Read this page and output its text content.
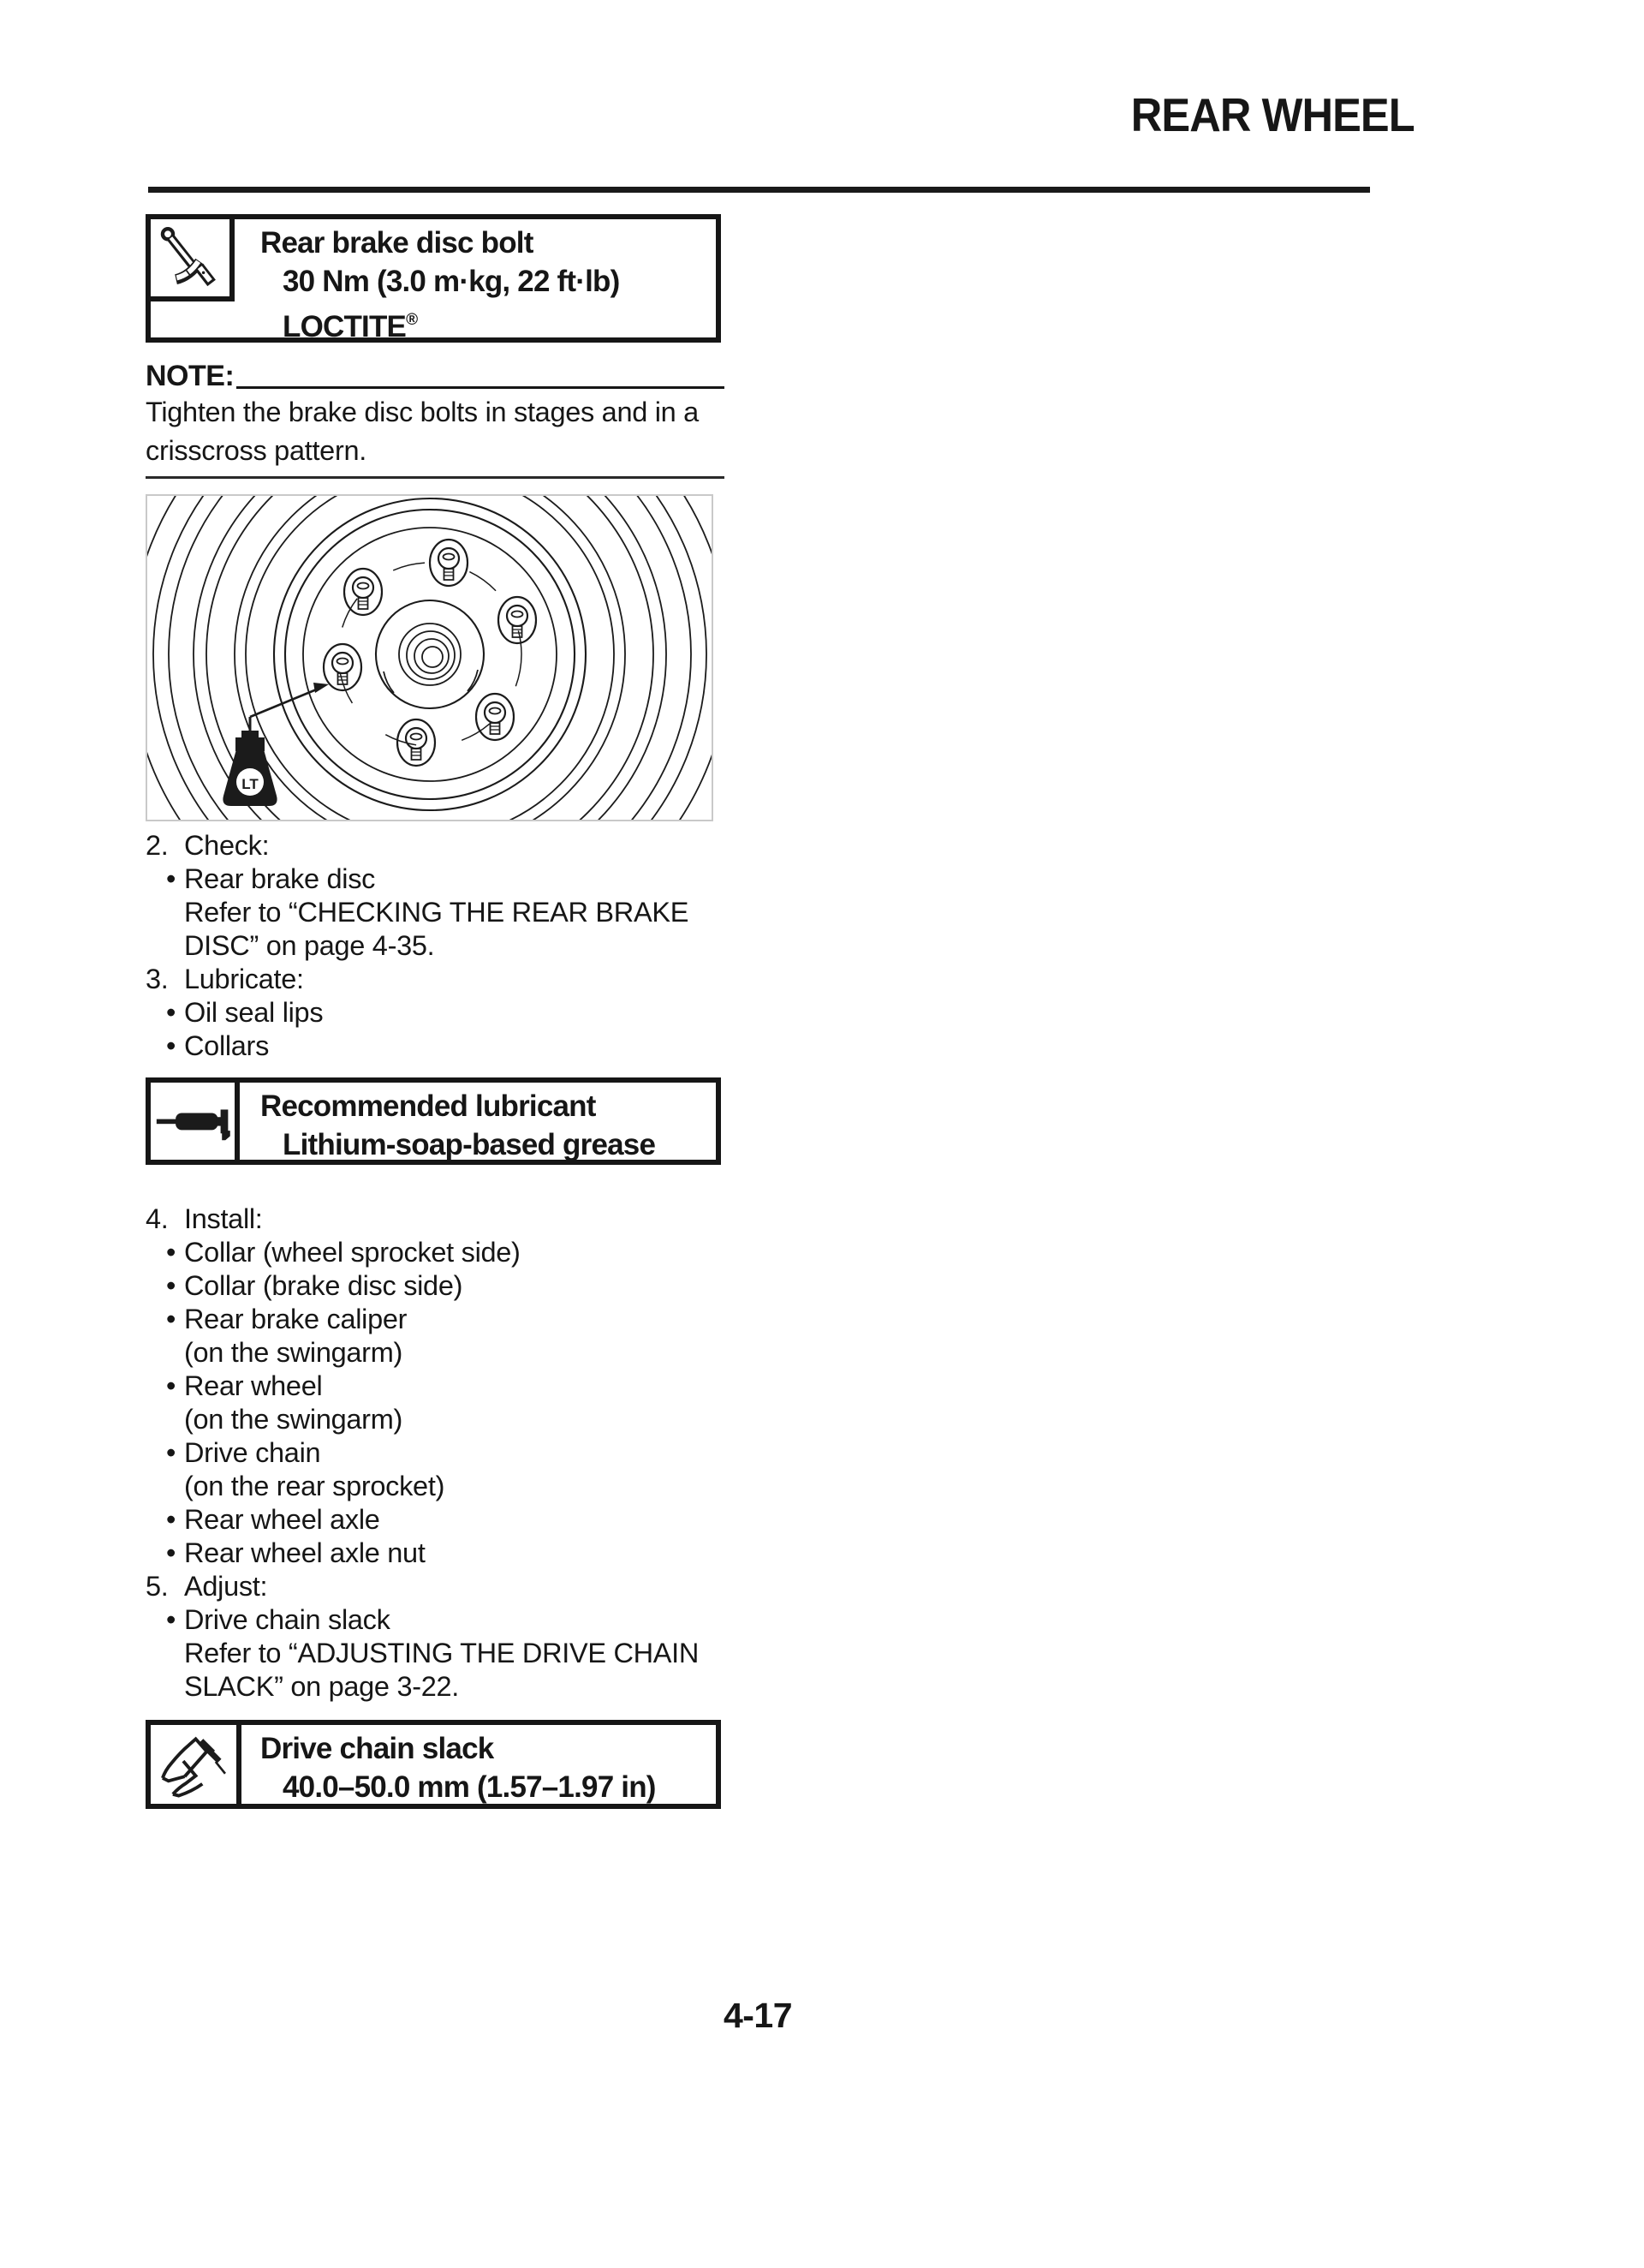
REAR WHEEL
Rear brake disc bolt
30 Nm (3.0 m·kg, 22 ft·lb)
LOCTITE®
NOTE:

Tighten the brake disc bolts in stages and in a

crisscross pattern.

LT
2. Check:
• Rear brake disc
Refer to “CHECKING THE REAR BRAKE
DISC” on page 4-35.
3. Lubricate:
• Oil seal lips
• Collars
Recommended lubricant
Lithium-soap-based grease
4. Install:
• Collar (wheel sprocket side)
• Collar (brake disc side)
• Rear brake caliper
(on the swingarm)
• Rear wheel
(on the swingarm)
• Drive chain
(on the rear sprocket)
• Rear wheel axle
• Rear wheel axle nut
5. Adjust:
• Drive chain slack
Refer to “ADJUSTING THE DRIVE CHAIN
SLACK” on page 3-22.
Drive chain slack
40.0–50.0 mm (1.57–1.97 in)
4-17
